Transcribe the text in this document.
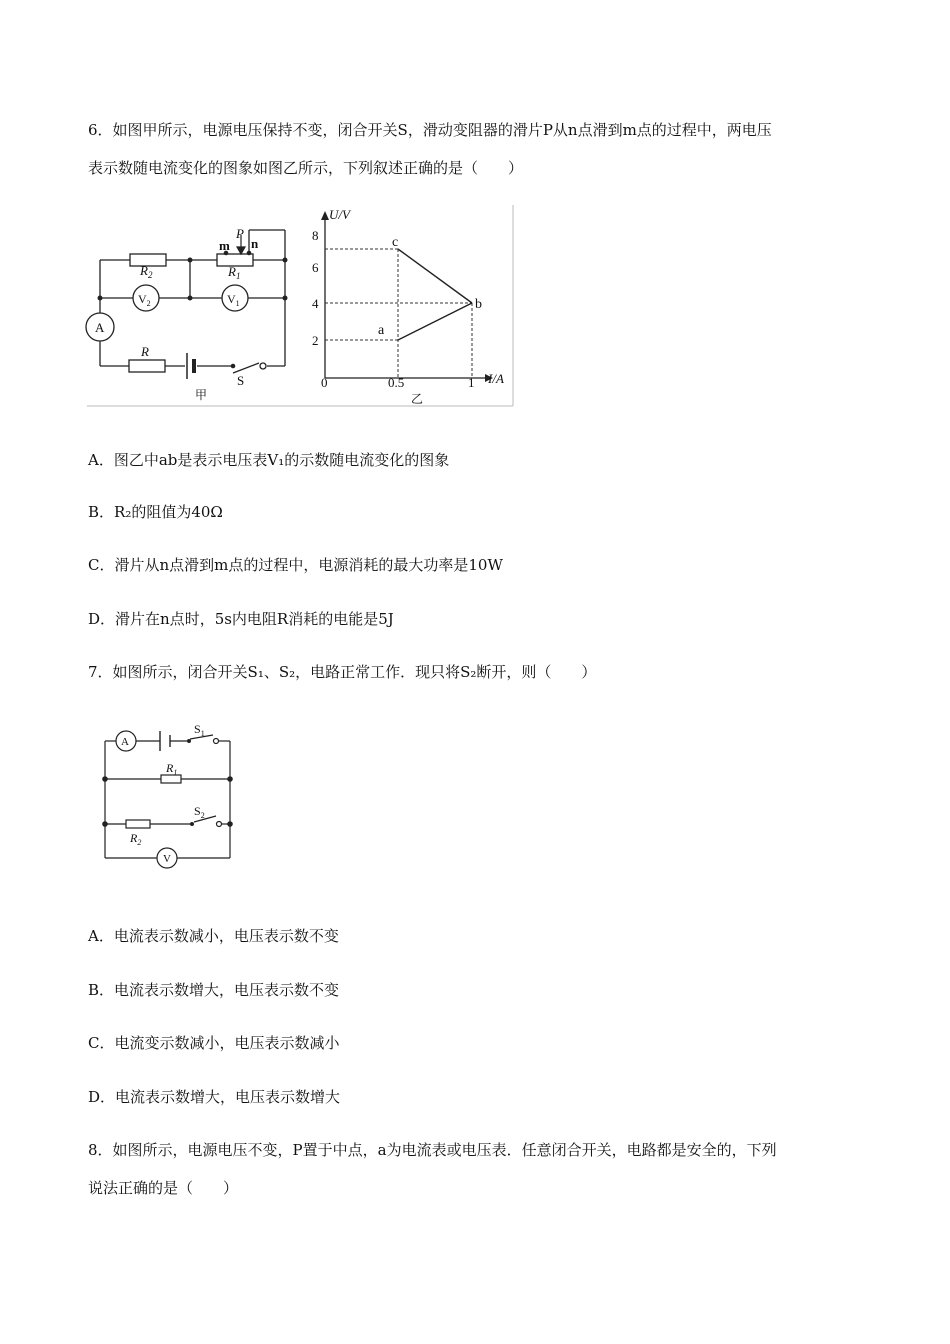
6．如图甲所示，电源电压保持不变，闭合开关S，滑动变阻器的滑片P从n点滑到m点的过程中，两电压
表示数随电流变化的图象如图乙所示，下列叙述正确的是（　　）
$R_2$	$R_1$
R
P
m n
$V_2$	$V_1$
A
S
甲
U/V
I/A
8
6
4
2
0	0.5	1
a
b
c
乙
A．图乙中ab是表示电压表V₁的示数随电流变化的图象
B．R₂的阻值为40Ω
C．滑片从n点滑到m点的过程中，电源消耗的最大功率是10W
D．滑片在n点时，5s内电阻R消耗的电能是5J
7．如图所示，闭合开关S₁、S₂，电路正常工作．现只将S₂断开，则（　　）
A
V
$S_1$
$R_1$
$S_2$
$R_2$
A．电流表示数减小，电压表示数不变
B．电流表示数增大，电压表示数不变
C．电流变示数减小，电压表示数减小
D．电流表示数增大，电压表示数增大
8．如图所示，电源电压不变，P置于中点，a为电流表或电压表．任意闭合开关，电路都是安全的，下列
说法正确的是（　　）
